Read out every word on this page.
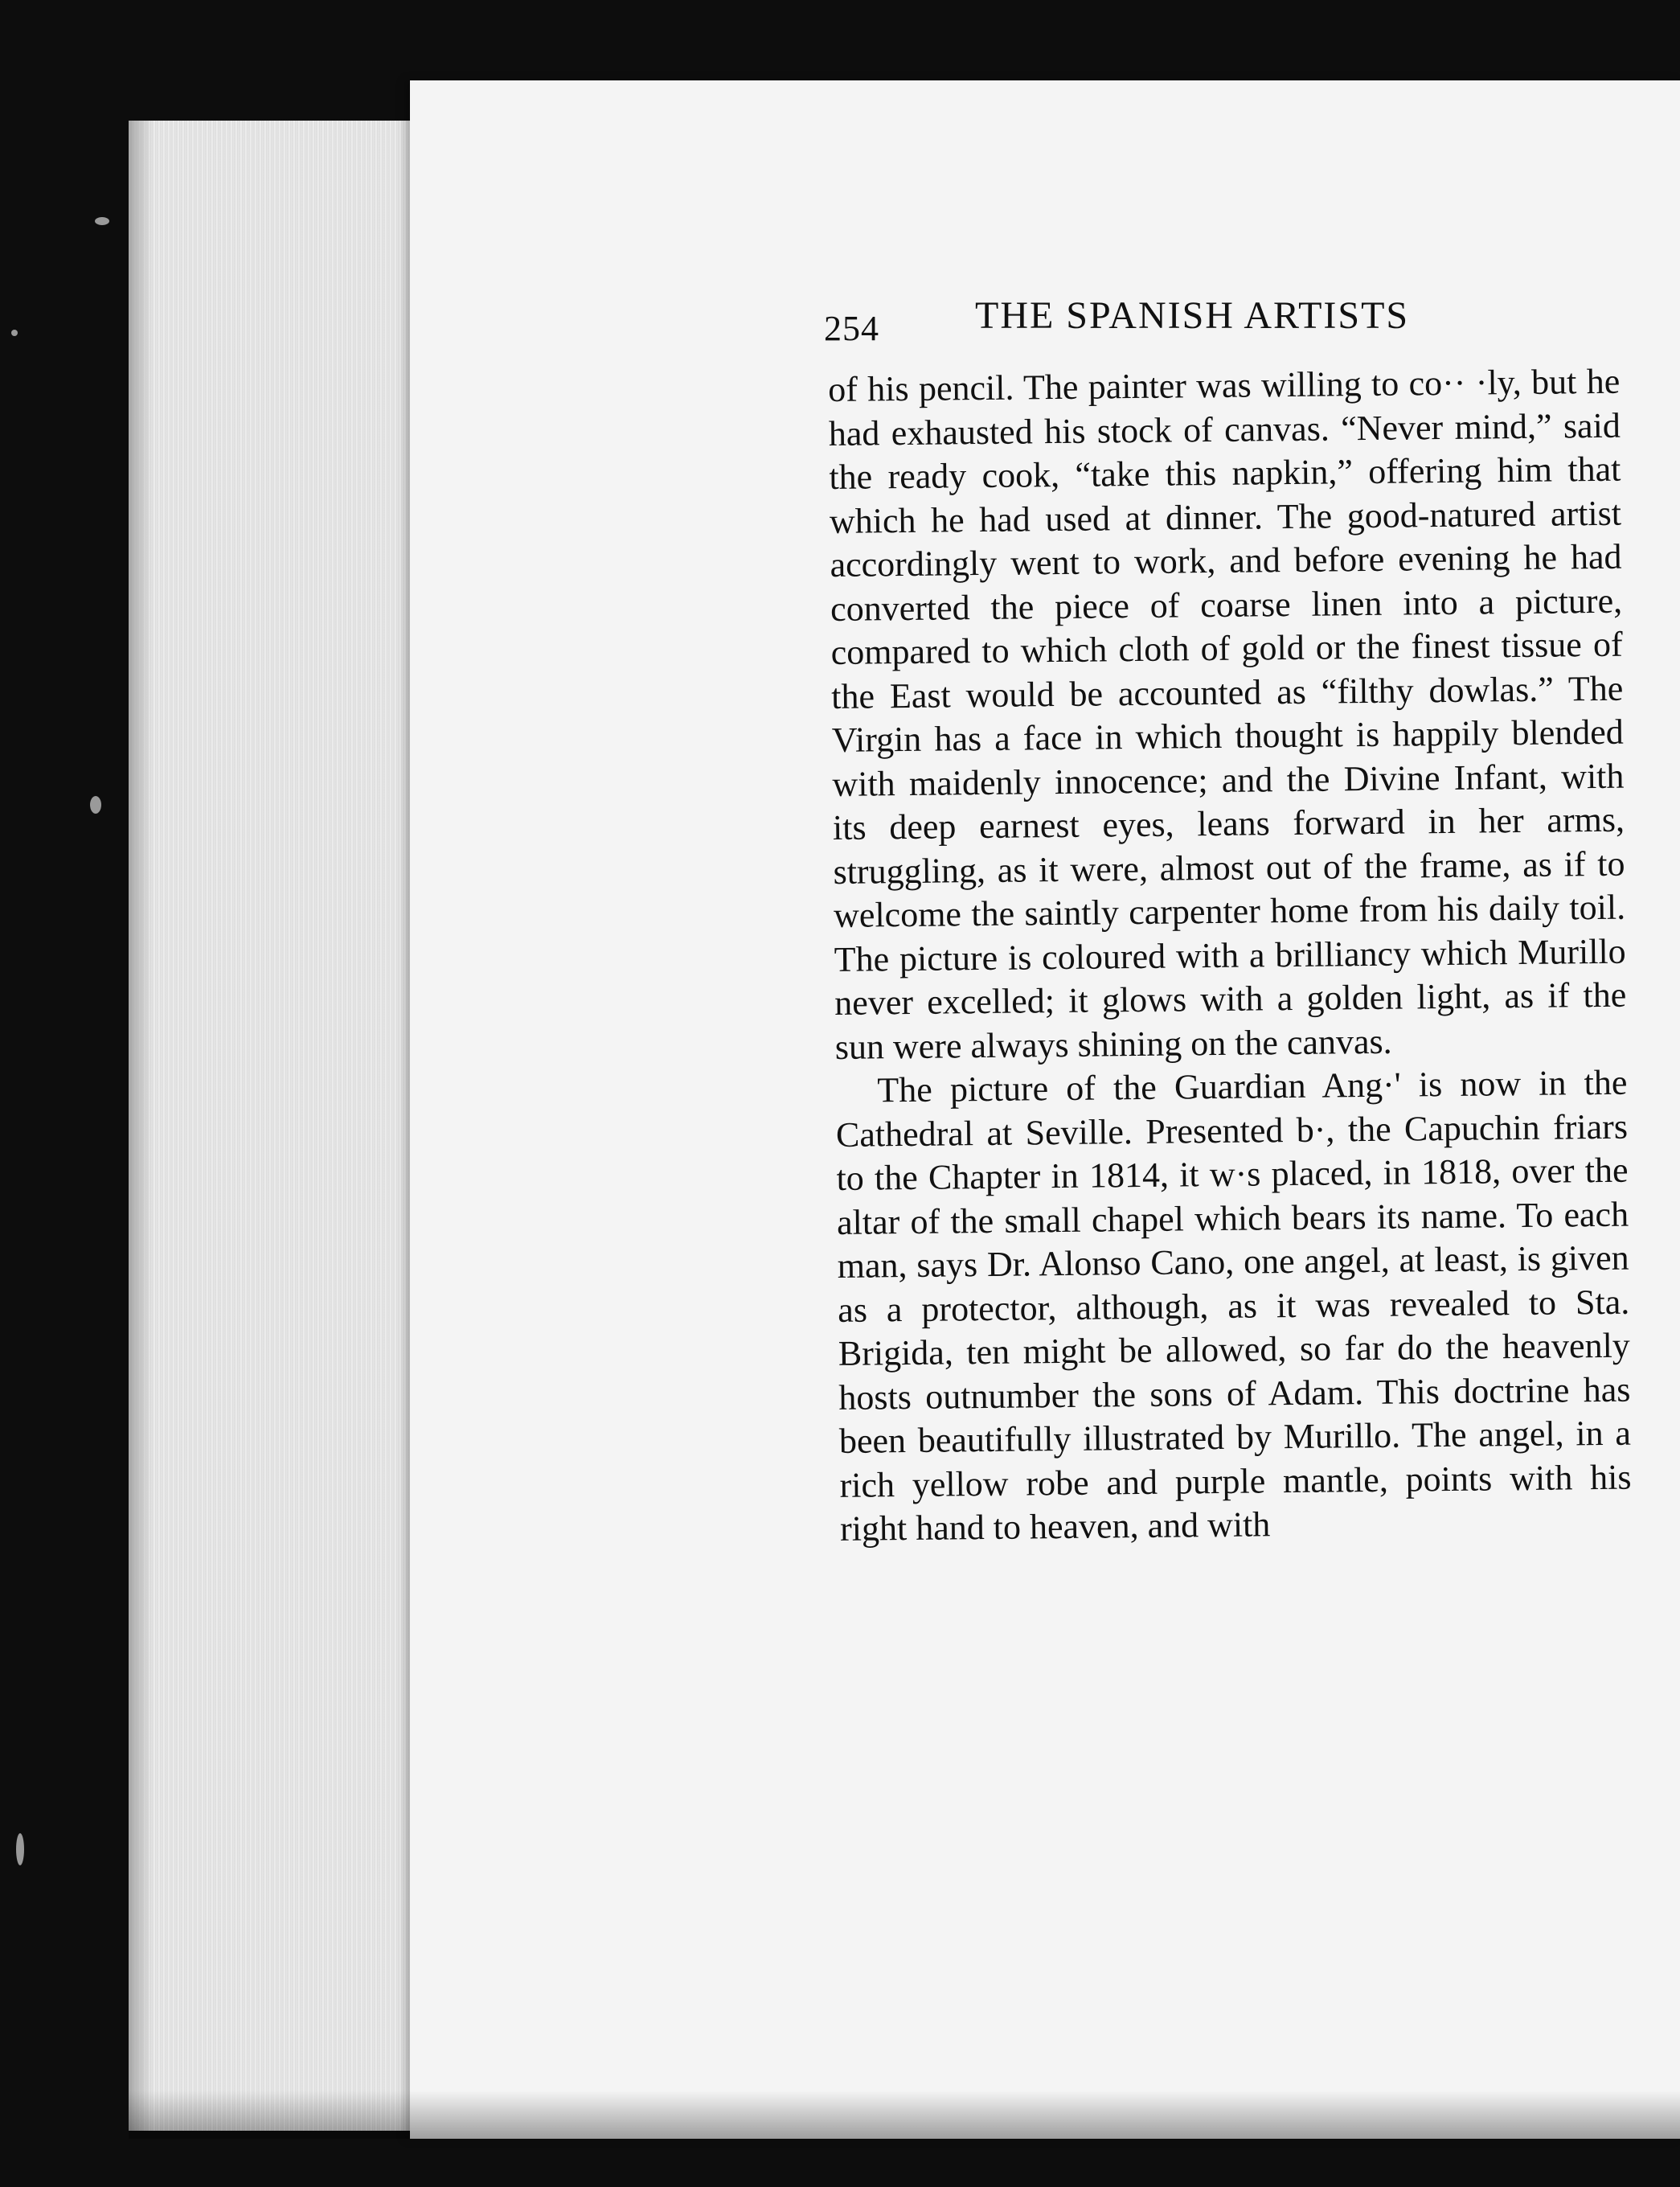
254 THE SPANISH ARTISTS

of his pencil. The painter was willing to co·· ·ly, but he had exhausted his stock of canvas. “Never mind,” said the ready cook, “take this napkin,” offering him that which he had used at dinner. The good-natured artist accordingly went to work, and before evening he had converted the piece of coarse linen into a picture, compared to which cloth of gold or the finest tissue of the East would be accounted as “filthy dowlas.” The Virgin has a face in which thought is happily blended with maidenly innocence; and the Divine Infant, with its deep earnest eyes, leans forward in her arms, struggling, as it were, almost out of the frame, as if to welcome the saintly carpenter home from his daily toil. The picture is coloured with a brilliancy which Murillo never excelled; it glows with a golden light, as if the sun were always shining on the canvas.

The picture of the Guardian Ang·' is now in the Cathedral at Seville. Presented b·, the Capuchin friars to the Chapter in 1814, it w·s placed, in 1818, over the altar of the small chapel which bears its name. To each man, says Dr. Alonso Cano, one angel, at least, is given as a protector, although, as it was revealed to Sta. Brigida, ten might be allowed, so far do the heavenly hosts outnumber the sons of Adam. This doctrine has been beautifully illustrated by Murillo. The angel, in a rich yellow robe and purple mantle, points with his right hand to heaven, and with
